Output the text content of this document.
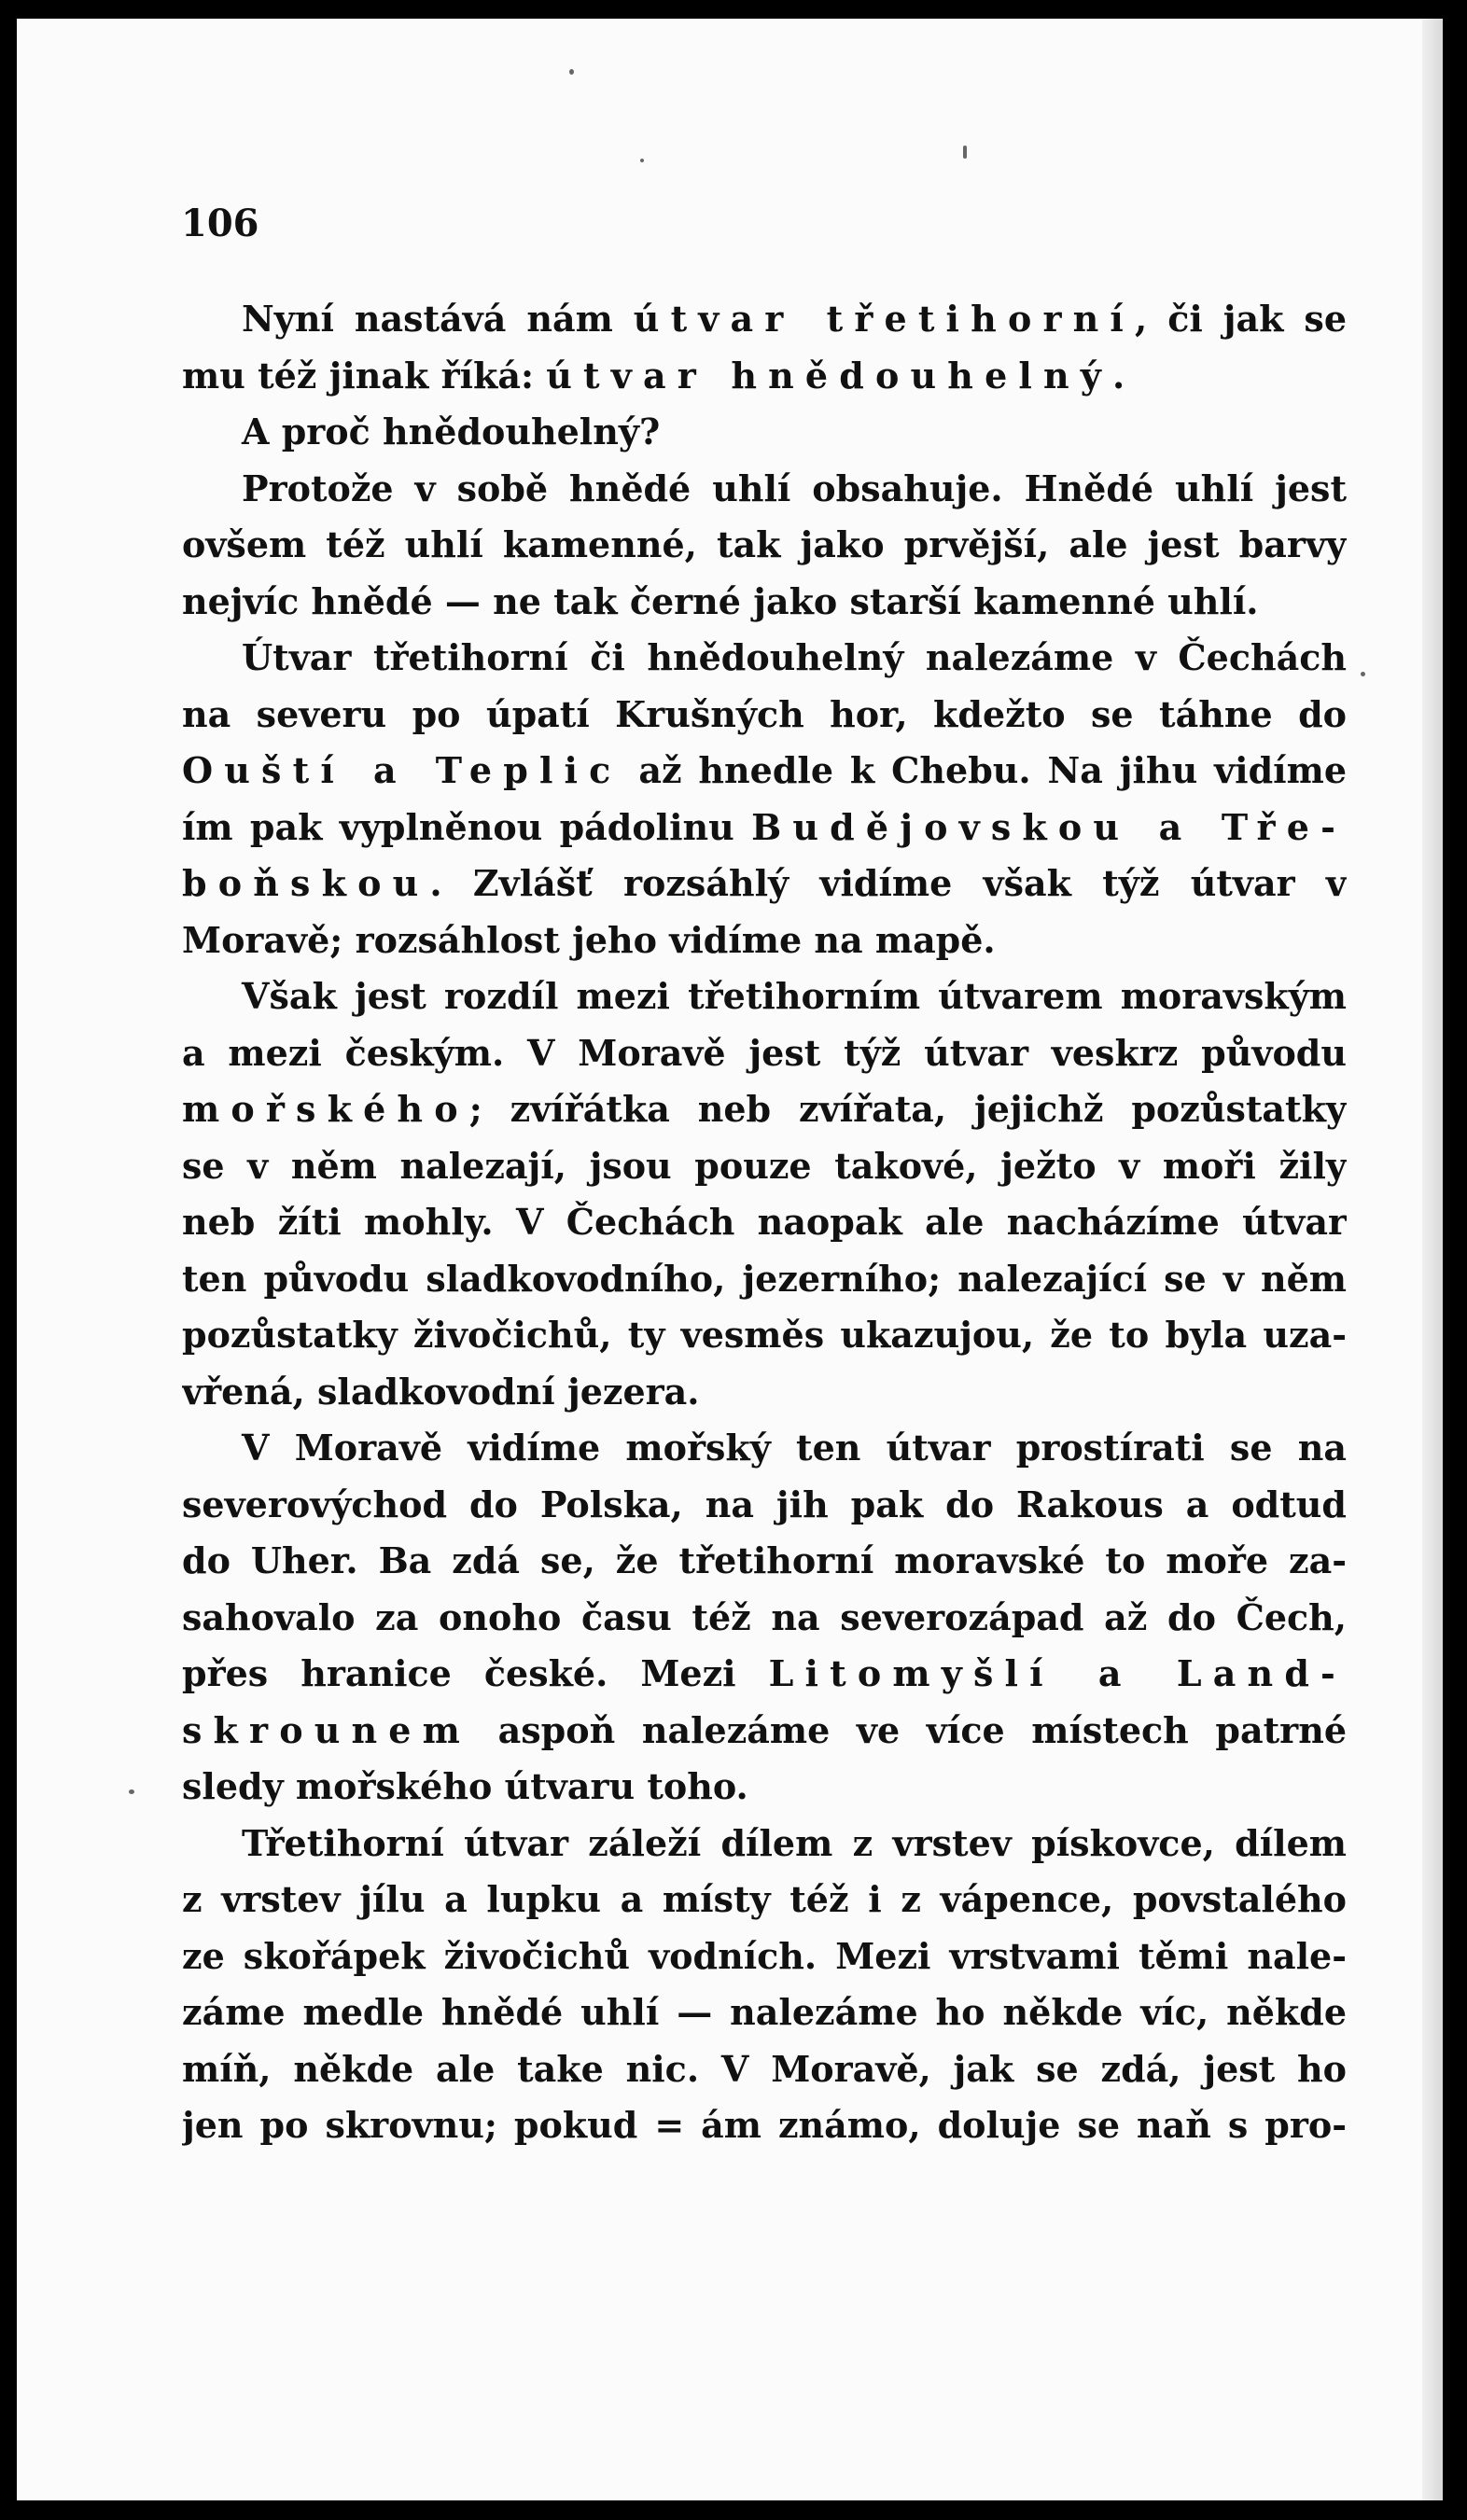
106
Nyní nastává nám útvar třetihorní, či jak se
mu též jinak říká: útvar hnědouhelný.
A proč hnědouhelný?
Protože v sobě hnědé uhlí obsahuje. Hnědé uhlí jest
ovšem též uhlí kamenné, tak jako prvější, ale jest barvy
nejvíc hnědé — ne tak černé jako starší kamenné uhlí.
Útvar třetihorní či hnědouhelný nalezáme v Čechách
na severu po úpatí Krušných hor, kdežto se táhne do
Ouští a Teplic až hnedle k Chebu. Na jihu vidíme
ím pak vyplněnou pádolinu Budějovskou a Tře-
boňskou. Zvlášť rozsáhlý vidíme však týž útvar v
Moravě; rozsáhlost jeho vidíme na mapě.
Však jest rozdíl mezi třetihorním útvarem moravským
a mezi českým. V Moravě jest týž útvar veskrz původu
mořského; zvířátka neb zvířata, jejichž pozůstatky
se v něm nalezají, jsou pouze takové, ježto v moři žily
neb žíti mohly. V Čechách naopak ale nacházíme útvar
ten původu sladkovodního, jezerního; nalezající se v něm
pozůstatky živočichů, ty vesměs ukazujou, že to byla uza-
vřená, sladkovodní jezera.
V Moravě vidíme mořský ten útvar prostírati se na
severovýchod do Polska, na jih pak do Rakous a odtud
do Uher. Ba zdá se, že třetihorní moravské to moře za-
sahovalo za onoho času též na severozápad až do Čech,
přes hranice české. Mezi Litomyšlí a Land-
skrounem aspoň nalezáme ve více místech patrné
sledy mořského útvaru toho.
Třetihorní útvar záleží dílem z vrstev pískovce, dílem
z vrstev jílu a lupku a místy též i z vápence, povstalého
ze skořápek živočichů vodních. Mezi vrstvami těmi nale-
záme medle hnědé uhlí — nalezáme ho někde víc, někde
míň, někde ale take nic. V Moravě, jak se zdá, jest ho
jen po skrovnu; pokud = ám známo, doluje se naň s pro-
